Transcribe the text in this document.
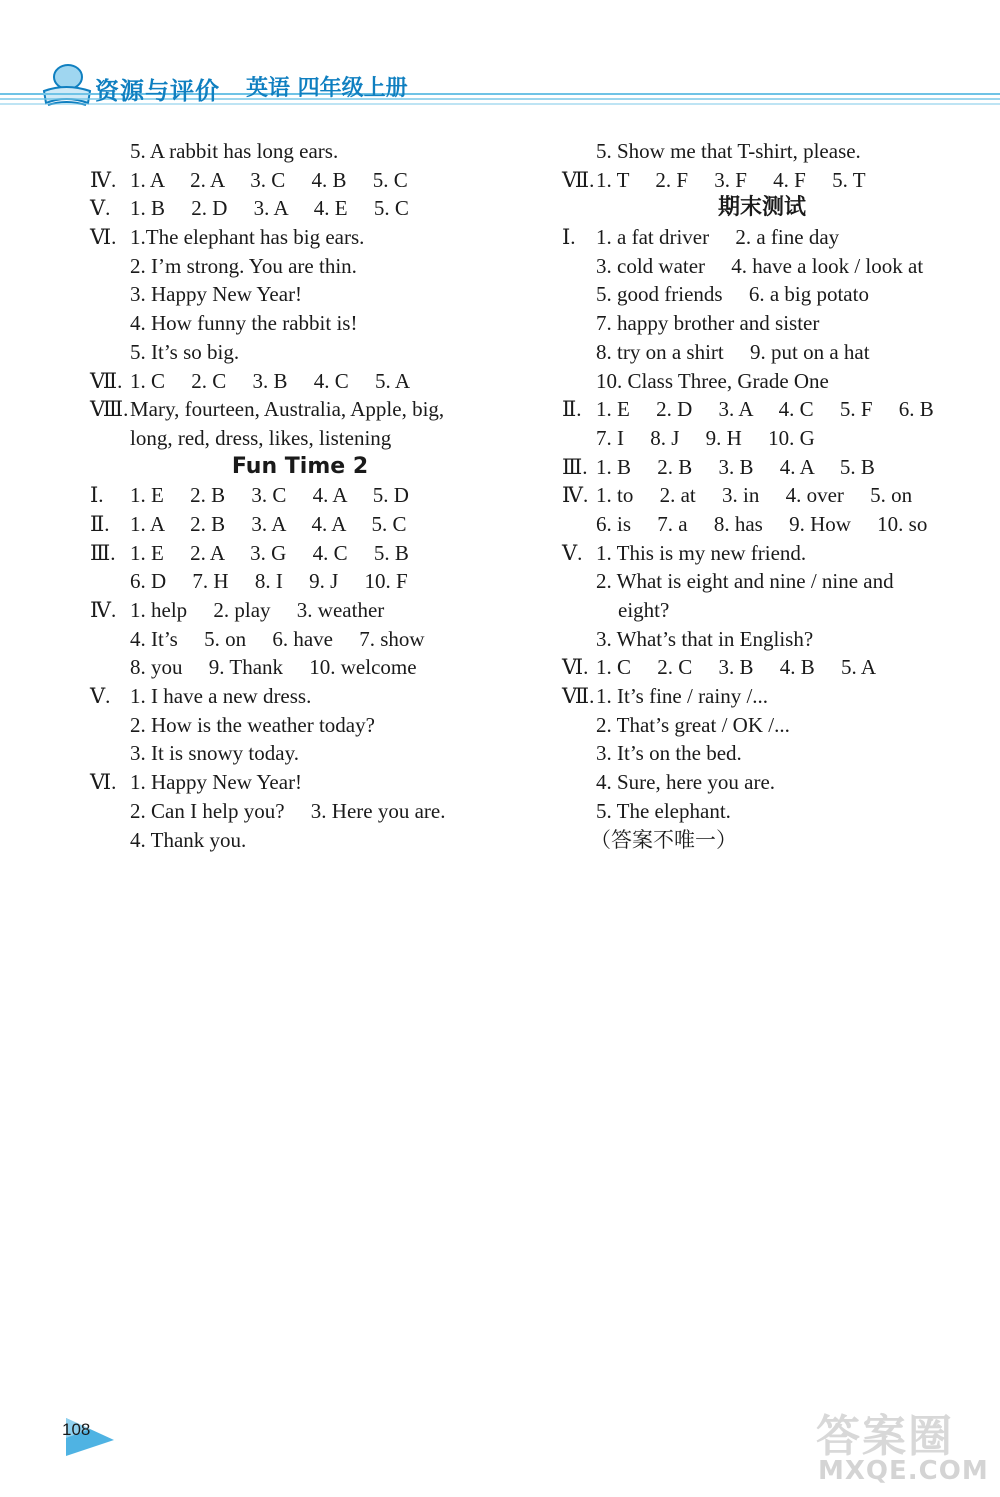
资源与评价 英语 四年级上册
5. A rabbit has long ears.
Ⅳ. 1. A　 2. A　 3. C　 4. B　 5. C
Ⅴ. 1. B　 2. D　 3. A　 4. E　 5. C
Ⅵ. 1.The elephant has big ears.
2. I’m strong. You are thin.
3. Happy New Year!
4. How funny the rabbit is!
5. It’s so big.
Ⅶ. 1. C　 2. C　 3. B　 4. C　 5. A
Ⅷ.Mary, fourteen, Australia, Apple, big,
long, red, dress, likes, listening
Fun Time 2
Ⅰ. 1. E　 2. B　 3. C　 4. A　 5. D
Ⅱ. 1. A　 2. B　 3. A　 4. A　 5. C
Ⅲ. 1. E　 2. A　 3. G　 4. C　 5. B
6. D　 7. H　 8. I　 9. J　 10. F
Ⅳ. 1. help　 2. play　 3. weather
4. It’s　 5. on　 6. have　 7. show
8. you　 9. Thank　 10. welcome
Ⅴ. 1. I have a new dress.
2. How is the weather today?
3. It is snowy today.
Ⅵ. 1. Happy New Year!
2. Can I help you?　 3. Here you are.
4. Thank you.
5. Show me that T-shirt, please.
Ⅶ.1. T　 2. F　 3. F　 4. F　 5. T
期末测试
Ⅰ. 1. a fat driver　 2. a fine day
3. cold water　 4. have a look / look at
5. good friends　 6. a big potato
7. happy brother and sister
8. try on a shirt　 9. put on a hat
10. Class Three, Grade One
Ⅱ. 1. E　 2. D　 3. A　 4. C　 5. F　 6. B
7. I　 8. J　 9. H　 10. G
Ⅲ. 1. B　 2. B　 3. B　 4. A　 5. B
Ⅳ. 1. to　 2. at　 3. in　 4. over　 5. on
6. is　 7. a　 8. has　 9. How　 10. so
Ⅴ. 1. This is my new friend.
2. What is eight and nine / nine and
eight?
3. What’s that in English?
Ⅵ. 1. C　 2. C　 3. B　 4. B　 5. A
Ⅶ.1. It’s fine / rainy /...
2. That’s great / OK /...
3. It’s on the bed.
4. Sure, here you are.
5. The elephant.
（答案不唯一）
108	答案圈
MXQE.COM
